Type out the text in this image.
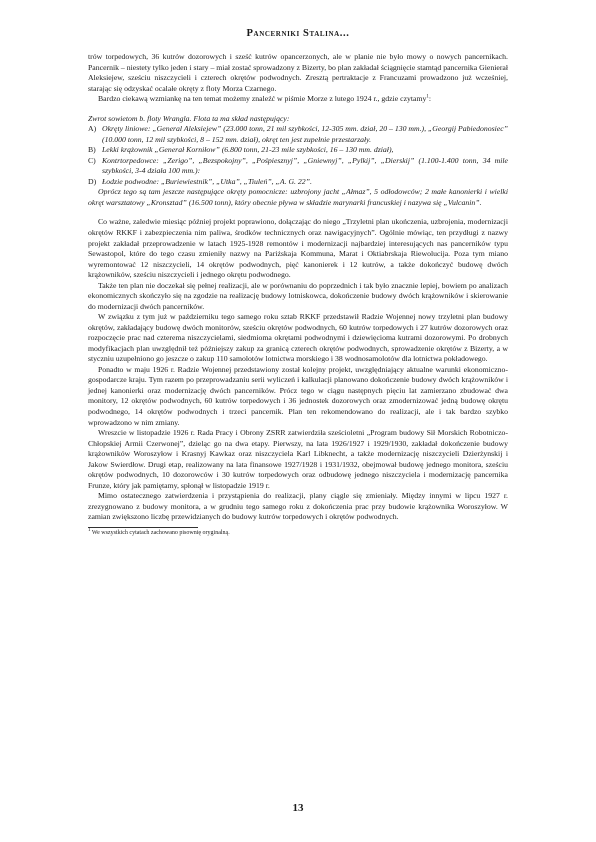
Pancerniki Stalina...

trów torpedowych, 36 kutrów dozorowych i sześć kutrów opancerzonych, ale w planie nie było mowy o nowych pancernikach. Pancernik – niestety tylko jeden i stary – miał zostać sprowadzony z Bizerty, bo plan zakładał ściągnięcie stamtąd pancernika Gienierał Aleksiejew, sześciu niszczycieli i czterech okrętów podwodnych. Zresztą pertraktacje z Francuzami prowadzono już wcześniej, starając się odzyskać ocalałe okręty z floty Morza Czarnego.

Bardzo ciekawą wzmiankę na ten temat możemy znaleźć w piśmie Morze z lutego 1924 r., gdzie czytamy$^1$:

Zwrot sowietom b. floty Wrangla. Flota ta ma skład następujący:

A) Okręty liniowe: „General Aleksiejew” (23.000 tonn, 21 mil szybkości, 12-305 mm. dział, 20 – 130 mm.), „Georgij Pabiedonosiec” (10.000 tonn, 12 mil szybkości, 8 – 152 mm. dział), okręt ten jest zupełnie przestarzały.
B) Lekki krążownik „Generał Korniłow” (6.800 tonn, 21-23 mile szybkości, 16 – 130 mm. dział),
C) Kontrtorpedowce: „Zerigo”, „Bezspokojny”, „Pośpiesznyj”, „Gniewnyj”, „Pylkij”, „Dierskij” (1.100-1.400 tonn, 34 mile szybkości, 3-4 działa 100 mm.):
D) Łodzie podwodne: „Buriewiestnik”, „Utka”, „Tiuleń”, „A. G. 22”.

Oprócz tego są tam jeszcze następujące okręty pomocnicze: uzbrojony jacht „Ałmaz”, 5 odłodowców; 2 małe kanonierki i wielki okręt warsztatowy „Kronsztad” (16.500 tonn), który obecnie pływa w składzie marynarki francuskiej i nazywa się „Vulcanin”.

Co ważne, zaledwie miesiąc później projekt poprawiono, dołączając do niego „Trzyletni plan ukończenia, uzbrojenia, modernizacji okrętów RKKF i zabezpieczenia nim paliwa, środków technicznych oraz nawigacyjnych”. Ogólnie mówiąc, ten przydługi z nazwy projekt zakładał przeprowadzenie w latach 1925-1928 remontów i modernizacji najbardziej interesujących nas pancerników typu Sewastopol, które do tego czasu zmieniły nazwy na Pariżskaja Kommuna, Marat i Oktiabrskaja Riewolucija. Poza tym miano wyremontować 12 niszczycieli, 14 okrętów podwodnych, pięć kanonierek i 12 kutrów, a także dokończyć budowę dwóch krążowników, sześciu niszczycieli i jednego okrętu podwodnego.

Także ten plan nie doczekał się pełnej realizacji, ale w porównaniu do poprzednich i tak było znacznie lepiej, bowiem po analizach ekonomicznych skończyło się na zgodzie na realizację budowy lotniskowca, dokończenie budowy dwóch krążowników i skierowanie do modernizacji dwóch pancerników.

W związku z tym już w październiku tego samego roku sztab RKKF przedstawił Radzie Wojennej nowy trzyletni plan budowy okrętów, zakładający budowę dwóch monitorów, sześciu okrętów podwodnych, 60 kutrów torpedowych i 27 kutrów dozorowych oraz rozpoczęcie prac nad czterema niszczycielami, siedmioma okrętami podwodnymi i dziewięcioma kutrami dozorowymi. Po drobnych modyfikacjach plan uwzględnił też późniejszy zakup za granicą czterech okrętów podwodnych, sprowadzenie okrętów z Bizerty, a w styczniu uzupełniono go jeszcze o zakup 110 samolotów lotnictwa morskiego i 38 wodnosamolotów dla lotnictwa pokładowego.

Ponadto w maju 1926 r. Radzie Wojennej przedstawiony został kolejny projekt, uwzględniający aktualne warunki ekonomiczno-gospodarcze kraju. Tym razem po przeprowadzaniu serii wyliczeń i kalkulacji planowano dokończenie budowy dwóch krążowników i jednej kanonierki oraz modernizację dwóch pancerników. Prócz tego w ciągu następnych pięciu lat zamierzano zbudować dwa monitory, 12 okrętów podwodnych, 60 kutrów torpedowych i 36 jednostek dozorowych oraz zmodernizować jedną budowę okrętu podwodnego, 14 okrętów podwodnych i trzeci pancernik. Plan ten rekomendowano do realizacji, ale i tak bardzo szybko wprowadzono w nim zmiany.

Wreszcie w listopadzie 1926 r. Rada Pracy i Obrony ZSRR zatwierdziła sześcioletni „Program budowy Sił Morskich Robotniczo-Chłopskiej Armii Czerwonej”, dzieląc go na dwa etapy. Pierwszy, na lata 1926/1927 i 1929/1930, zakładał dokończenie budowy krążowników Woroszyłow i Krasnyj Kawkaz oraz niszczyciela Karl Libknecht, a także modernizację niszczycieli Dzierżynskij i Jakow Swierdłow. Drugi etap, realizowany na lata finansowe 1927/1928 i 1931/1932, obejmował budowę jednego monitora, sześciu okrętów podwodnych, 10 dozorowców i 30 kutrów torpedowych oraz odbudowę jednego niszczyciela i modernizację pancernika Frunze, który jak pamiętamy, spłonął w listopadzie 1919 r.

Mimo ostatecznego zatwierdzenia i przystąpienia do realizacji, plany ciągle się zmieniały. Między innymi w lipcu 1927 r. zrezygnowano z budowy monitora, a w grudniu tego samego roku z dokończenia prac przy budowie krążownika Woroszyłow. W zamian zwiększono liczbę przewidzianych do budowy kutrów torpedowych i okrętów podwodnych.

$^1$ We wszystkich cytatach zachowano pisownię oryginalną.
13
